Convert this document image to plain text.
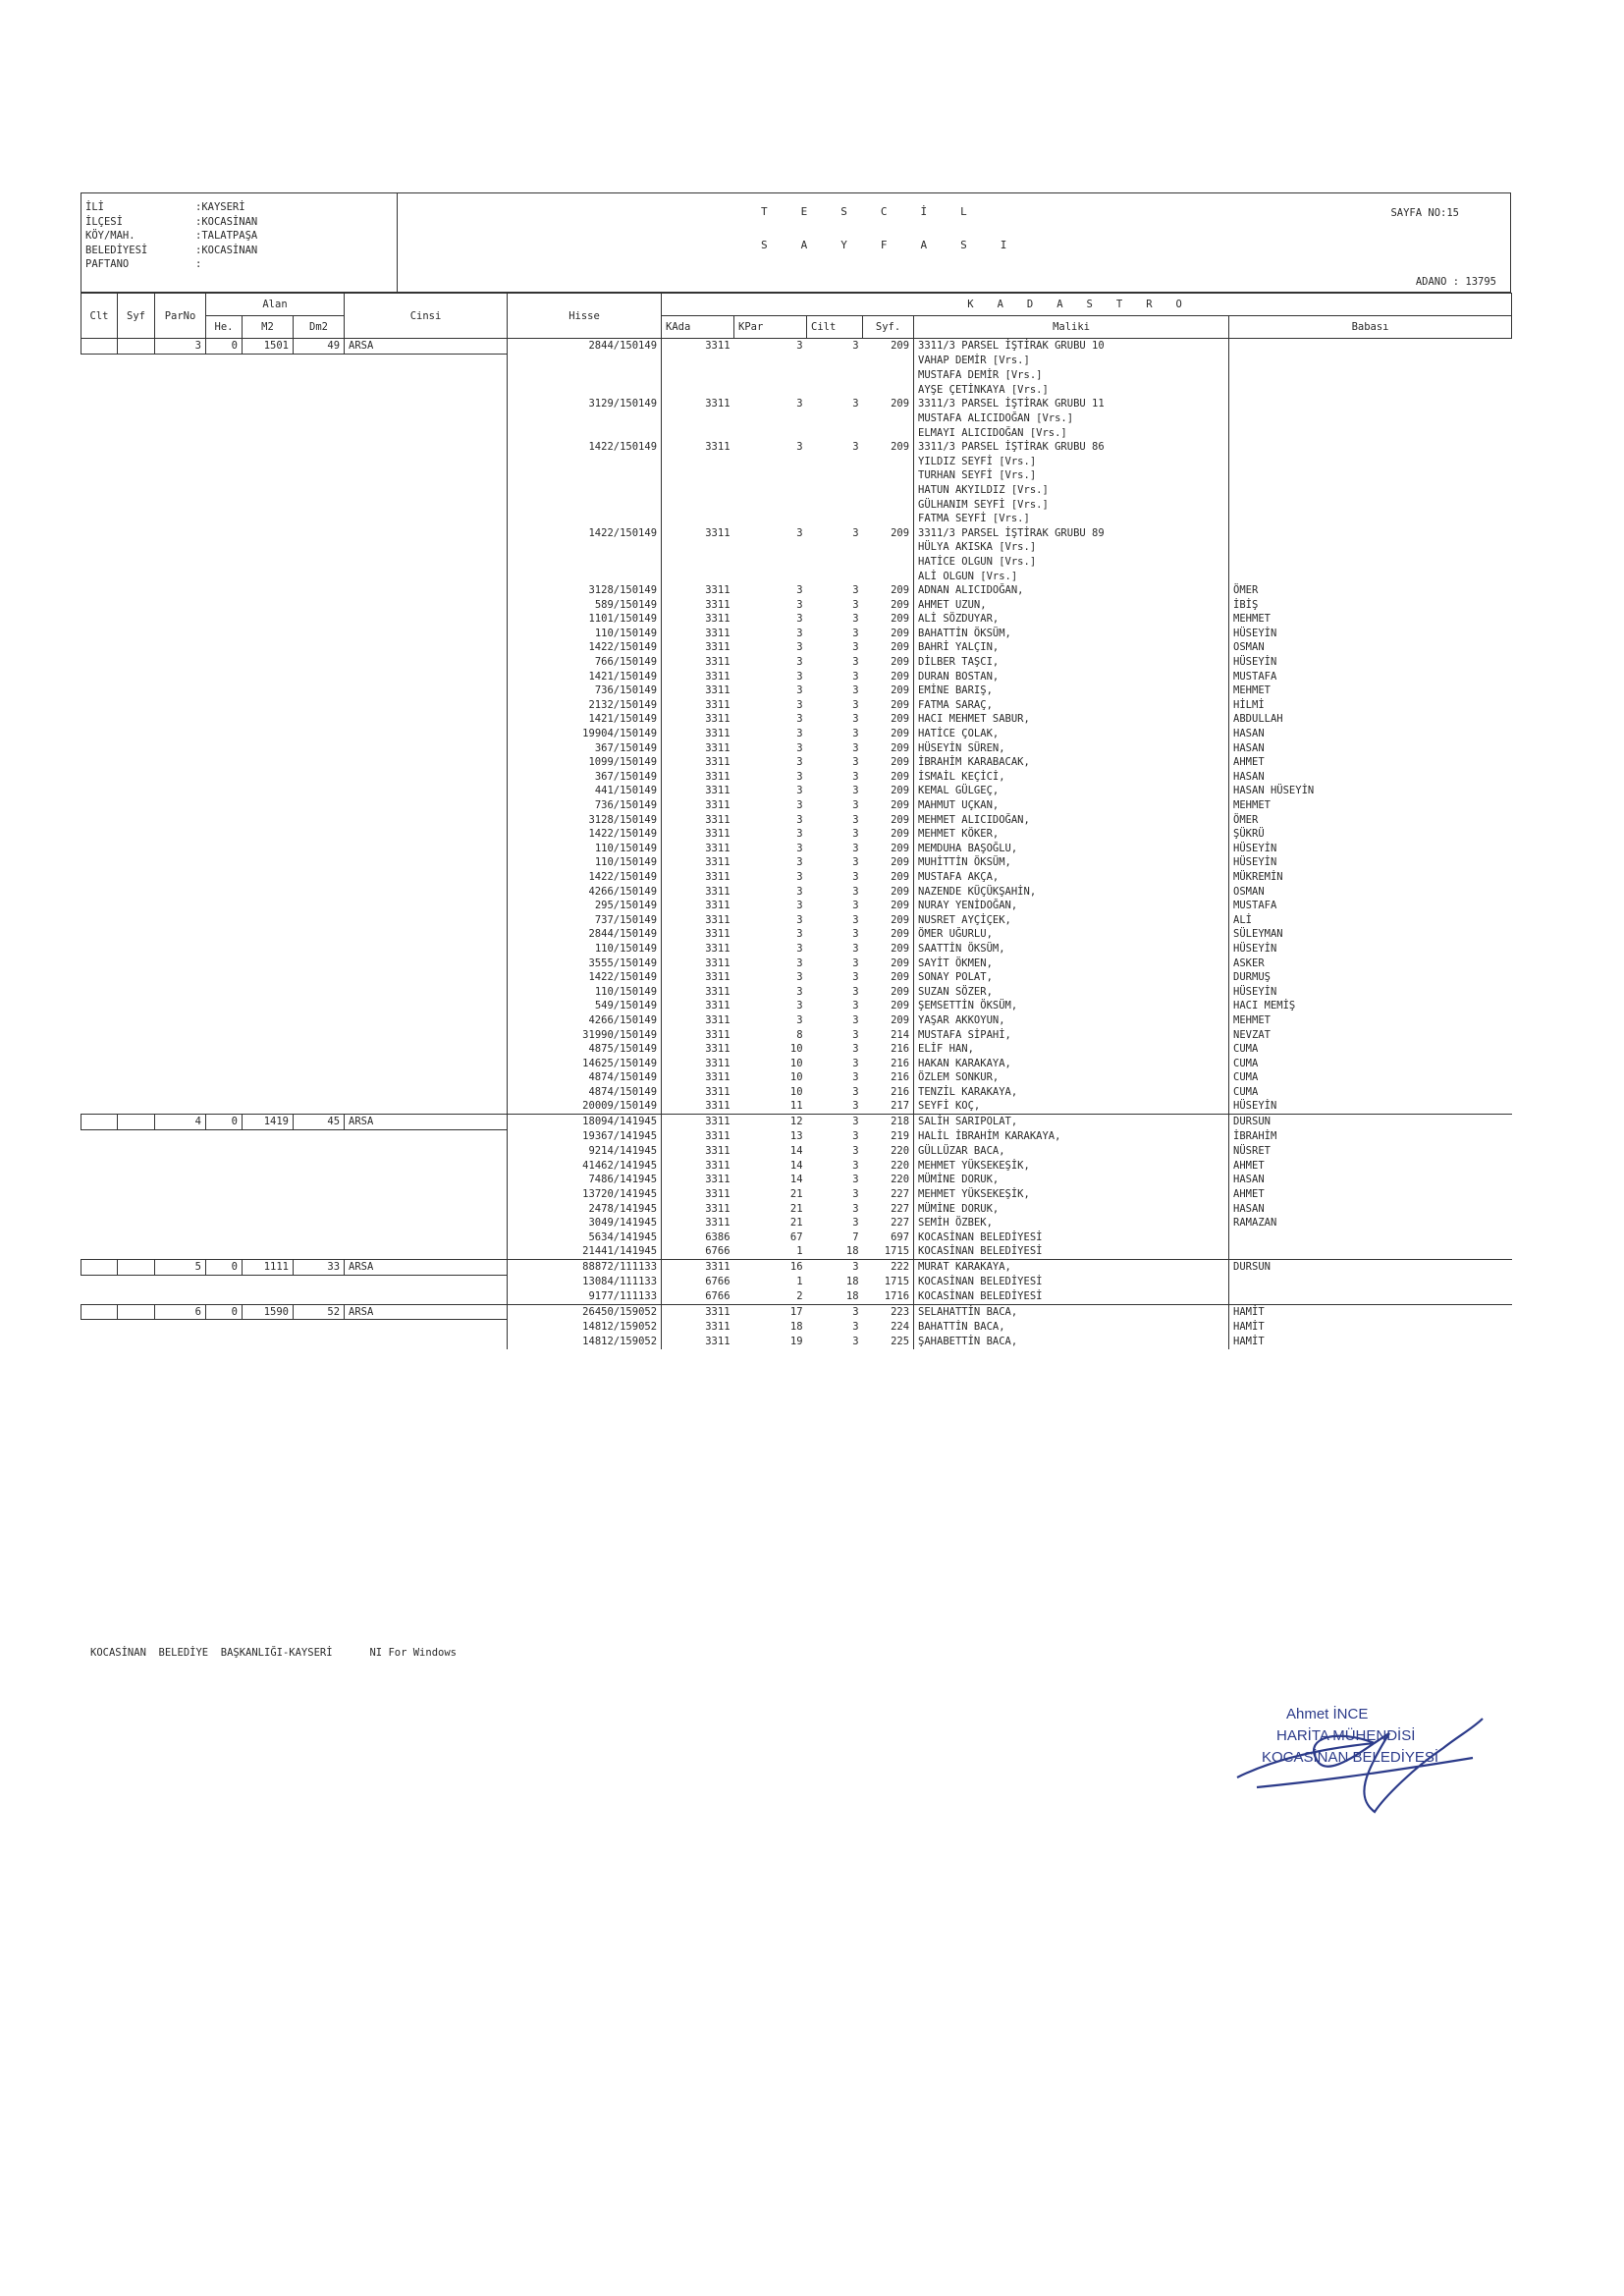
İLİ	:KAYSERİ
İLÇESİ	:KOCASİNAN
KÖY/MAH.	:TALATPAŞA
BELEDİYESİ	:KOCASİNAN
PAFTANO	:
TESCİL
SAYFASI
SAYFA NO:15
ADANO : 13795
Clt	Syf	ParNo	Alan			Cinsi	Hisse	KADASTRO					
			He.	M2	Dm2			KAda	KPar	Cilt	Syf.	Maliki	Babası
		3	0	1501	49	ARSA	2844/150149	3311	3	3	209	3311/3 PARSEL İŞTİRAK GRUBU 10	
												VAHAP DEMİR [Vrs.]	
												MUSTAFA DEMİR [Vrs.]	
												AYŞE ÇETİNKAYA [Vrs.]	
							3129/150149	3311	3	3	209	3311/3 PARSEL İŞTİRAK GRUBU 11	
												MUSTAFA ALICIDOĞAN [Vrs.]	
												ELMAYI ALICIDOĞAN [Vrs.]	
							1422/150149	3311	3	3	209	3311/3 PARSEL İŞTİRAK GRUBU 86	
												YILDIZ SEYFİ [Vrs.]	
												TURHAN SEYFİ [Vrs.]	
												HATUN AKYILDIZ [Vrs.]	
												GÜLHANIM SEYFİ [Vrs.]	
												FATMA SEYFİ [Vrs.]	
							1422/150149	3311	3	3	209	3311/3 PARSEL İŞTİRAK GRUBU 89	
												HÜLYA AKISKA [Vrs.]	
												HATİCE OLGUN [Vrs.]	
												ALİ OLGUN [Vrs.]	
							3128/150149	3311	3	3	209	ADNAN ALICIDOĞAN,	ÖMER
							589/150149	3311	3	3	209	AHMET UZUN,	İBİŞ
							1101/150149	3311	3	3	209	ALİ SÖZDUYAR,	MEHMET
							110/150149	3311	3	3	209	BAHATTİN ÖKSÜM,	HÜSEYİN
							1422/150149	3311	3	3	209	BAHRİ YALÇIN,	OSMAN
							766/150149	3311	3	3	209	DİLBER TAŞCI,	HÜSEYİN
							1421/150149	3311	3	3	209	DURAN BOSTAN,	MUSTAFA
							736/150149	3311	3	3	209	EMİNE BARIŞ,	MEHMET
							2132/150149	3311	3	3	209	FATMA SARAÇ,	HİLMİ
							1421/150149	3311	3	3	209	HACI MEHMET SABUR,	ABDULLAH
							19904/150149	3311	3	3	209	HATİCE ÇOLAK,	HASAN
							367/150149	3311	3	3	209	HÜSEYİN SÜREN,	HASAN
							1099/150149	3311	3	3	209	İBRAHİM KARABACAK,	AHMET
							367/150149	3311	3	3	209	İSMAİL KEÇİCİ,	HASAN
							441/150149	3311	3	3	209	KEMAL GÜLGEÇ,	HASAN HÜSEYİN
							736/150149	3311	3	3	209	MAHMUT UÇKAN,	MEHMET
							3128/150149	3311	3	3	209	MEHMET ALICIDOĞAN,	ÖMER
							1422/150149	3311	3	3	209	MEHMET KÖKER,	ŞÜKRÜ
							110/150149	3311	3	3	209	MEMDUHA BAŞOĞLU,	HÜSEYİN
							110/150149	3311	3	3	209	MUHİTTİN ÖKSÜM,	HÜSEYİN
							1422/150149	3311	3	3	209	MUSTAFA AKÇA,	MÜKREMİN
							4266/150149	3311	3	3	209	NAZENDE KÜÇÜKŞAHİN,	OSMAN
							295/150149	3311	3	3	209	NURAY YENİDOĞAN,	MUSTAFA
							737/150149	3311	3	3	209	NUSRET AYÇİÇEK,	ALİ
							2844/150149	3311	3	3	209	ÖMER UĞURLU,	SÜLEYMAN
							110/150149	3311	3	3	209	SAATTİN ÖKSÜM,	HÜSEYİN
							3555/150149	3311	3	3	209	SAYİT ÖKMEN,	ASKER
							1422/150149	3311	3	3	209	SONAY POLAT,	DURMUŞ
							110/150149	3311	3	3	209	SUZAN SÖZER,	HÜSEYİN
							549/150149	3311	3	3	209	ŞEMSETTİN ÖKSÜM,	HACI MEMİŞ
							4266/150149	3311	3	3	209	YAŞAR AKKOYUN,	MEHMET
							31990/150149	3311	8	3	214	MUSTAFA SİPAHİ,	NEVZAT
							4875/150149	3311	10	3	216	ELİF HAN,	CUMA
							14625/150149	3311	10	3	216	HAKAN KARAKAYA,	CUMA
							4874/150149	3311	10	3	216	ÖZLEM SONKUR,	CUMA
							4874/150149	3311	10	3	216	TENZİL KARAKAYA,	CUMA
							20009/150149	3311	11	3	217	SEYFİ KOÇ,	HÜSEYİN
		4	0	1419	45	ARSA	18094/141945	3311	12	3	218	SALİH SARIPOLAT,	DURSUN
							19367/141945	3311	13	3	219	HALİL İBRAHİM KARAKAYA,	İBRAHİM
							9214/141945	3311	14	3	220	GÜLLÜZAR BACA,	NÜSRET
							41462/141945	3311	14	3	220	MEHMET YÜKSEKEŞİK,	AHMET
							7486/141945	3311	14	3	220	MÜMİNE DORUK,	HASAN
							13720/141945	3311	21	3	227	MEHMET YÜKSEKEŞİK,	AHMET
							2478/141945	3311	21	3	227	MÜMİNE DORUK,	HASAN
							3049/141945	3311	21	3	227	SEMİH ÖZBEK,	RAMAZAN
							5634/141945	6386	67	7	697	KOCASİNAN BELEDİYESİ	
							21441/141945	6766	1	18	1715	KOCASİNAN BELEDİYESİ	
		5	0	1111	33	ARSA	88872/111133	3311	16	3	222	MURAT KARAKAYA,	DURSUN
							13084/111133	6766	1	18	1715	KOCASİNAN BELEDİYESİ	
							9177/111133	6766	2	18	1716	KOCASİNAN BELEDİYESİ	
		6	0	1590	52	ARSA	26450/159052	3311	17	3	223	SELAHATTİN BACA,	HAMİT
							14812/159052	3311	18	3	224	BAHATTİN BACA,	HAMİT
							14812/159052	3311	19	3	225	ŞAHABETTİN BACA,	HAMİT
KOCASİNAN  BELEDİYE  BAŞKANLIĞI-KAYSERİ	NI For Windows
Ahmet İNCE
HARİTA MÜHENDİSİ
KOCASİNAN BELEDİYESİ
